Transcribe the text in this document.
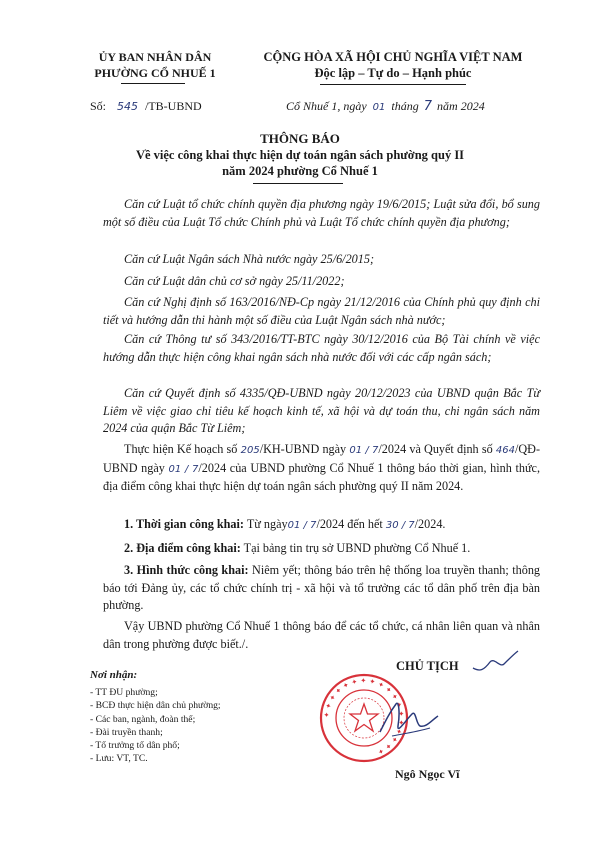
ỦY BAN NHÂN DÂN
PHƯỜNG CỔ NHUẾ 1
CỘNG HÒA XÃ HỘI CHỦ NGHĨA VIỆT NAM
Độc lập – Tự do – Hạnh phúc
Số: 545 /TB-UBND	Cổ Nhuế 1, ngày 01 tháng 7 năm 2024
THÔNG BÁO
Về việc công khai thực hiện dự toán ngân sách phường quý II
năm 2024 phường Cổ Nhuế 1

Căn cứ Luật tổ chức chính quyền địa phương ngày 19/6/2015; Luật sửa đổi, bổ sung một số điều của Luật Tổ chức Chính phủ và Luật Tổ chức chính quyền địa phương;

Căn cứ Luật Ngân sách Nhà nước ngày 25/6/2015;

Căn cứ Luật dân chủ cơ sở ngày 25/11/2022;

Căn cứ Nghị định số 163/2016/NĐ-Cp ngày 21/12/2016 của Chính phủ quy định chi tiết và hướng dẫn thi hành một số điều của Luật Ngân sách nhà nước;

Căn cứ Thông tư số 343/2016/TT-BTC ngày 30/12/2016 của Bộ Tài chính về việc hướng dẫn thực hiện công khai ngân sách nhà nước đối với các cấp ngân sách;

Căn cứ Quyết định số 4335/QĐ-UBND ngày 20/12/2023 của UBND quận Bắc Từ Liêm về việc giao chỉ tiêu kế hoạch kinh tế, xã hội và dự toán thu, chi ngân sách năm 2024 của quận Bắc Từ Liêm;

Thực hiện Kế hoạch số 205/KH-UBND ngày 01 / 7/2024 và Quyết định số 464/QĐ-UBND ngày 01 / 7/2024 của UBND phường Cổ Nhuế 1 thông báo thời gian, hình thức, địa điểm công khai thực hiện dự toán ngân sách phường quý II năm 2024.

1. Thời gian công khai: Từ ngày01 / 7/2024 đến hết 30 / 7/2024.

2. Địa điểm công khai: Tại bảng tin trụ sở UBND phường Cổ Nhuế 1.

3. Hình thức công khai: Niêm yết; thông báo trên hệ thống loa truyền thanh; thông báo tới Đảng ủy, các tổ chức chính trị - xã hội và tổ trưởng các tổ dân phố trên địa bàn phường.

Vậy UBND phường Cổ Nhuế 1 thông báo để các tổ chức, cá nhân liên quan và nhân dân trong phường được biết./.

Nơi nhận:
- TT ĐU phường;
- BCĐ thực hiện dân chủ phường;
- Các ban, ngành, đoàn thể;
- Đài truyền thanh;
- Tổ trưởng tổ dân phố;
- Lưu: VT, TC.
CHỦ TỊCH
✦ ✦ ✦ ✦ ✦ ✦ ✦ ✦ ✦ ✦ ✦ ✦ ✦ ✦ ✦ ✦ ✦ ✦
Ngô Ngọc Vĩ
